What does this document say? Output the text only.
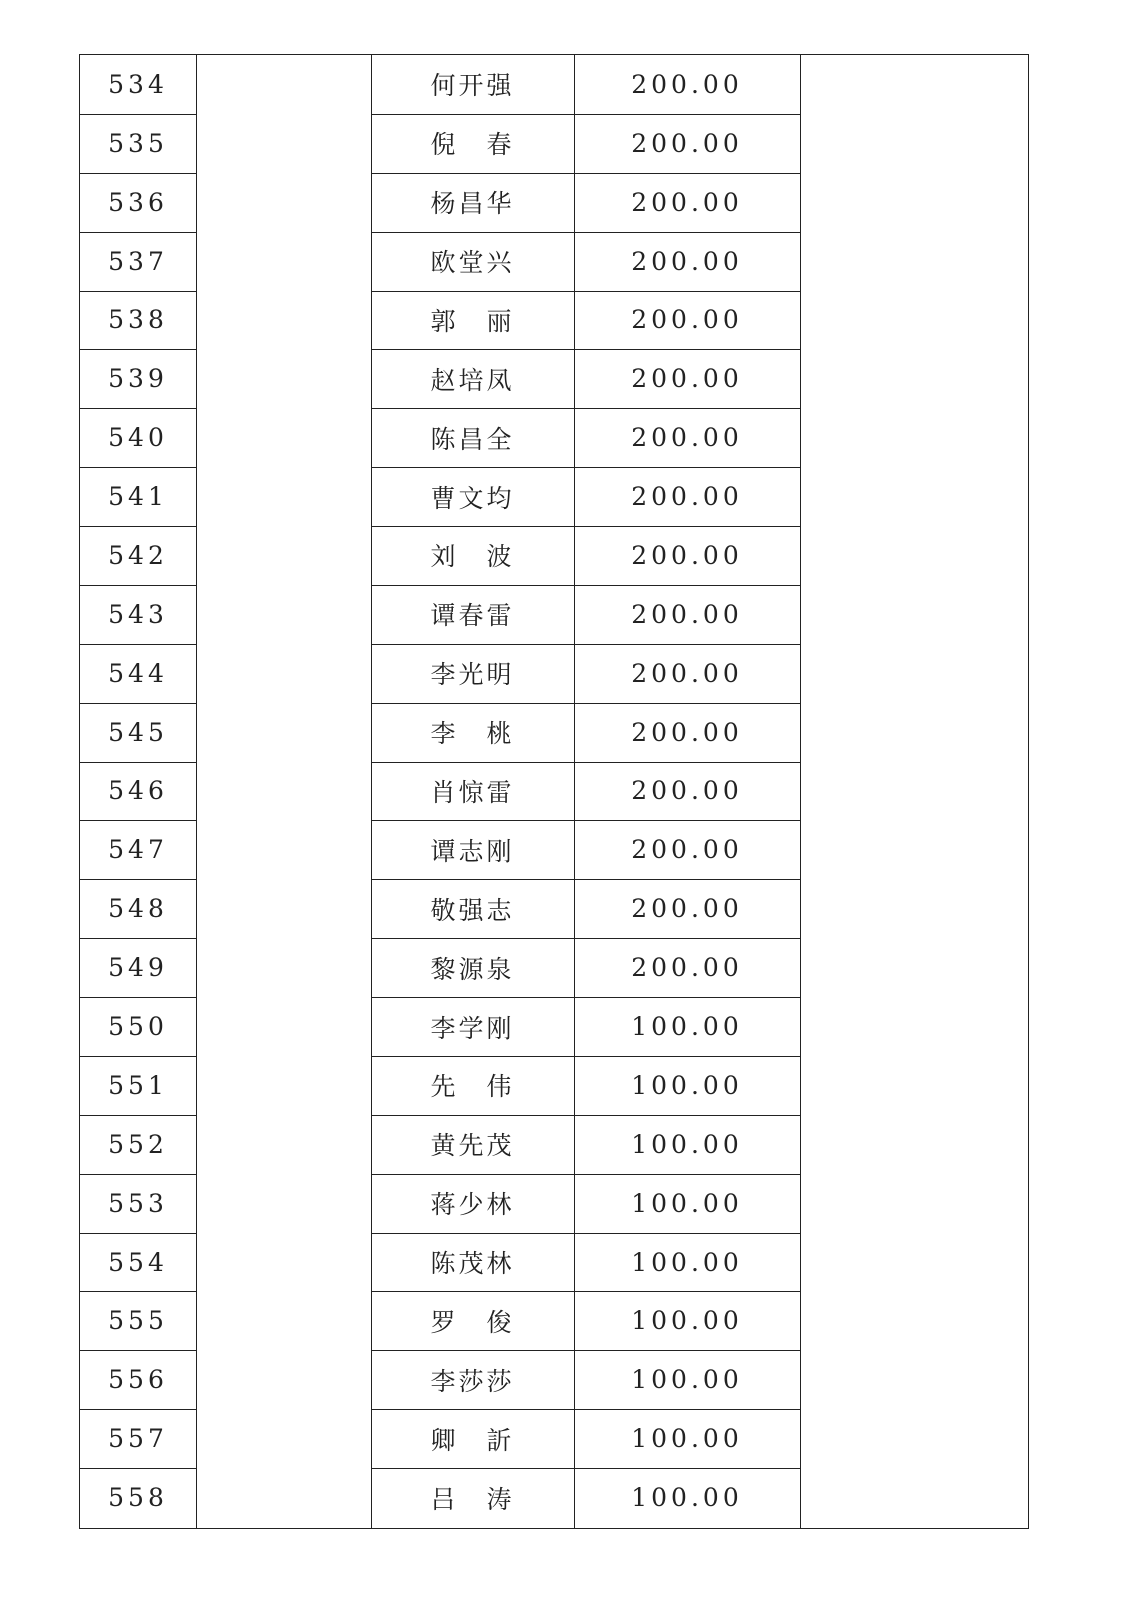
534	何开强	200.00
535	倪　春	200.00
536	杨昌华	200.00
537	欧堂兴	200.00
538	郭　丽	200.00
539	赵培凤	200.00
540	陈昌全	200.00
541	曹文均	200.00
542	刘　波	200.00
543	谭春雷	200.00
544	李光明	200.00
545	李　桃	200.00
546	肖惊雷	200.00
547	谭志刚	200.00
548	敬强志	200.00
549	黎源泉	200.00
550	李学刚	100.00
551	先　伟	100.00
552	黄先茂	100.00
553	蒋少林	100.00
554	陈茂林	100.00
555	罗　俊	100.00
556	李莎莎	100.00
557	卿　訢	100.00
558	吕　涛	100.00
